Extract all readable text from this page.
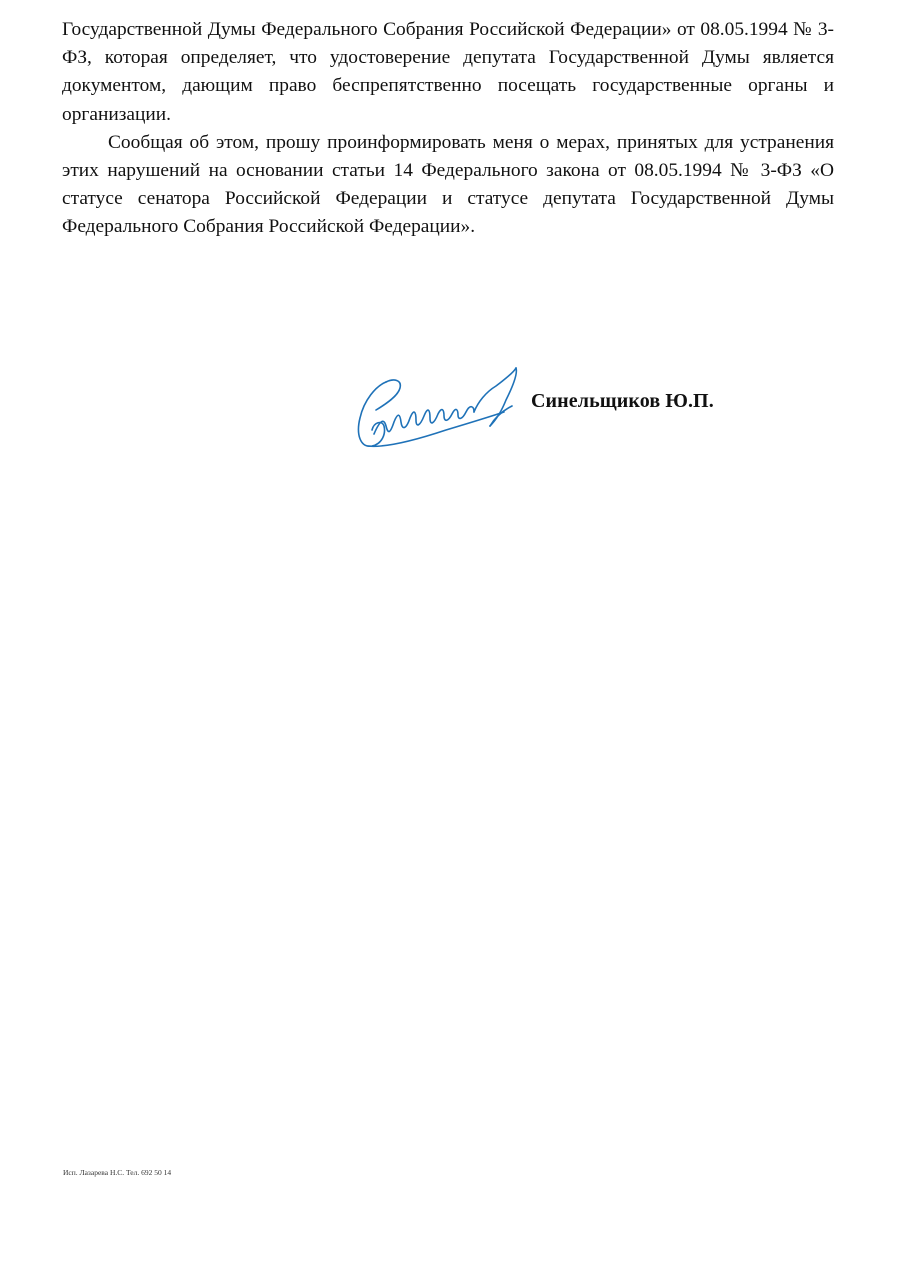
Государственной Думы Федерального Собрания Российской Федерации» от 08.05.1994 № 3-ФЗ, которая определяет, что удостоверение депутата Государственной Думы является документом, дающим право беспрепятственно посещать государственные органы и организации.

Сообщая об этом, прошу проинформировать меня о мерах, принятых для устранения этих нарушений на основании статьи 14 Федерального закона от 08.05.1994 № 3-ФЗ «О статусе сенатора Российской Федерации и статусе депутата Государственной Думы Федерального Собрания Российской Федерации».

Синельщиков Ю.П.
Исп. Лазарева Н.С. Тел. 692 50 14
